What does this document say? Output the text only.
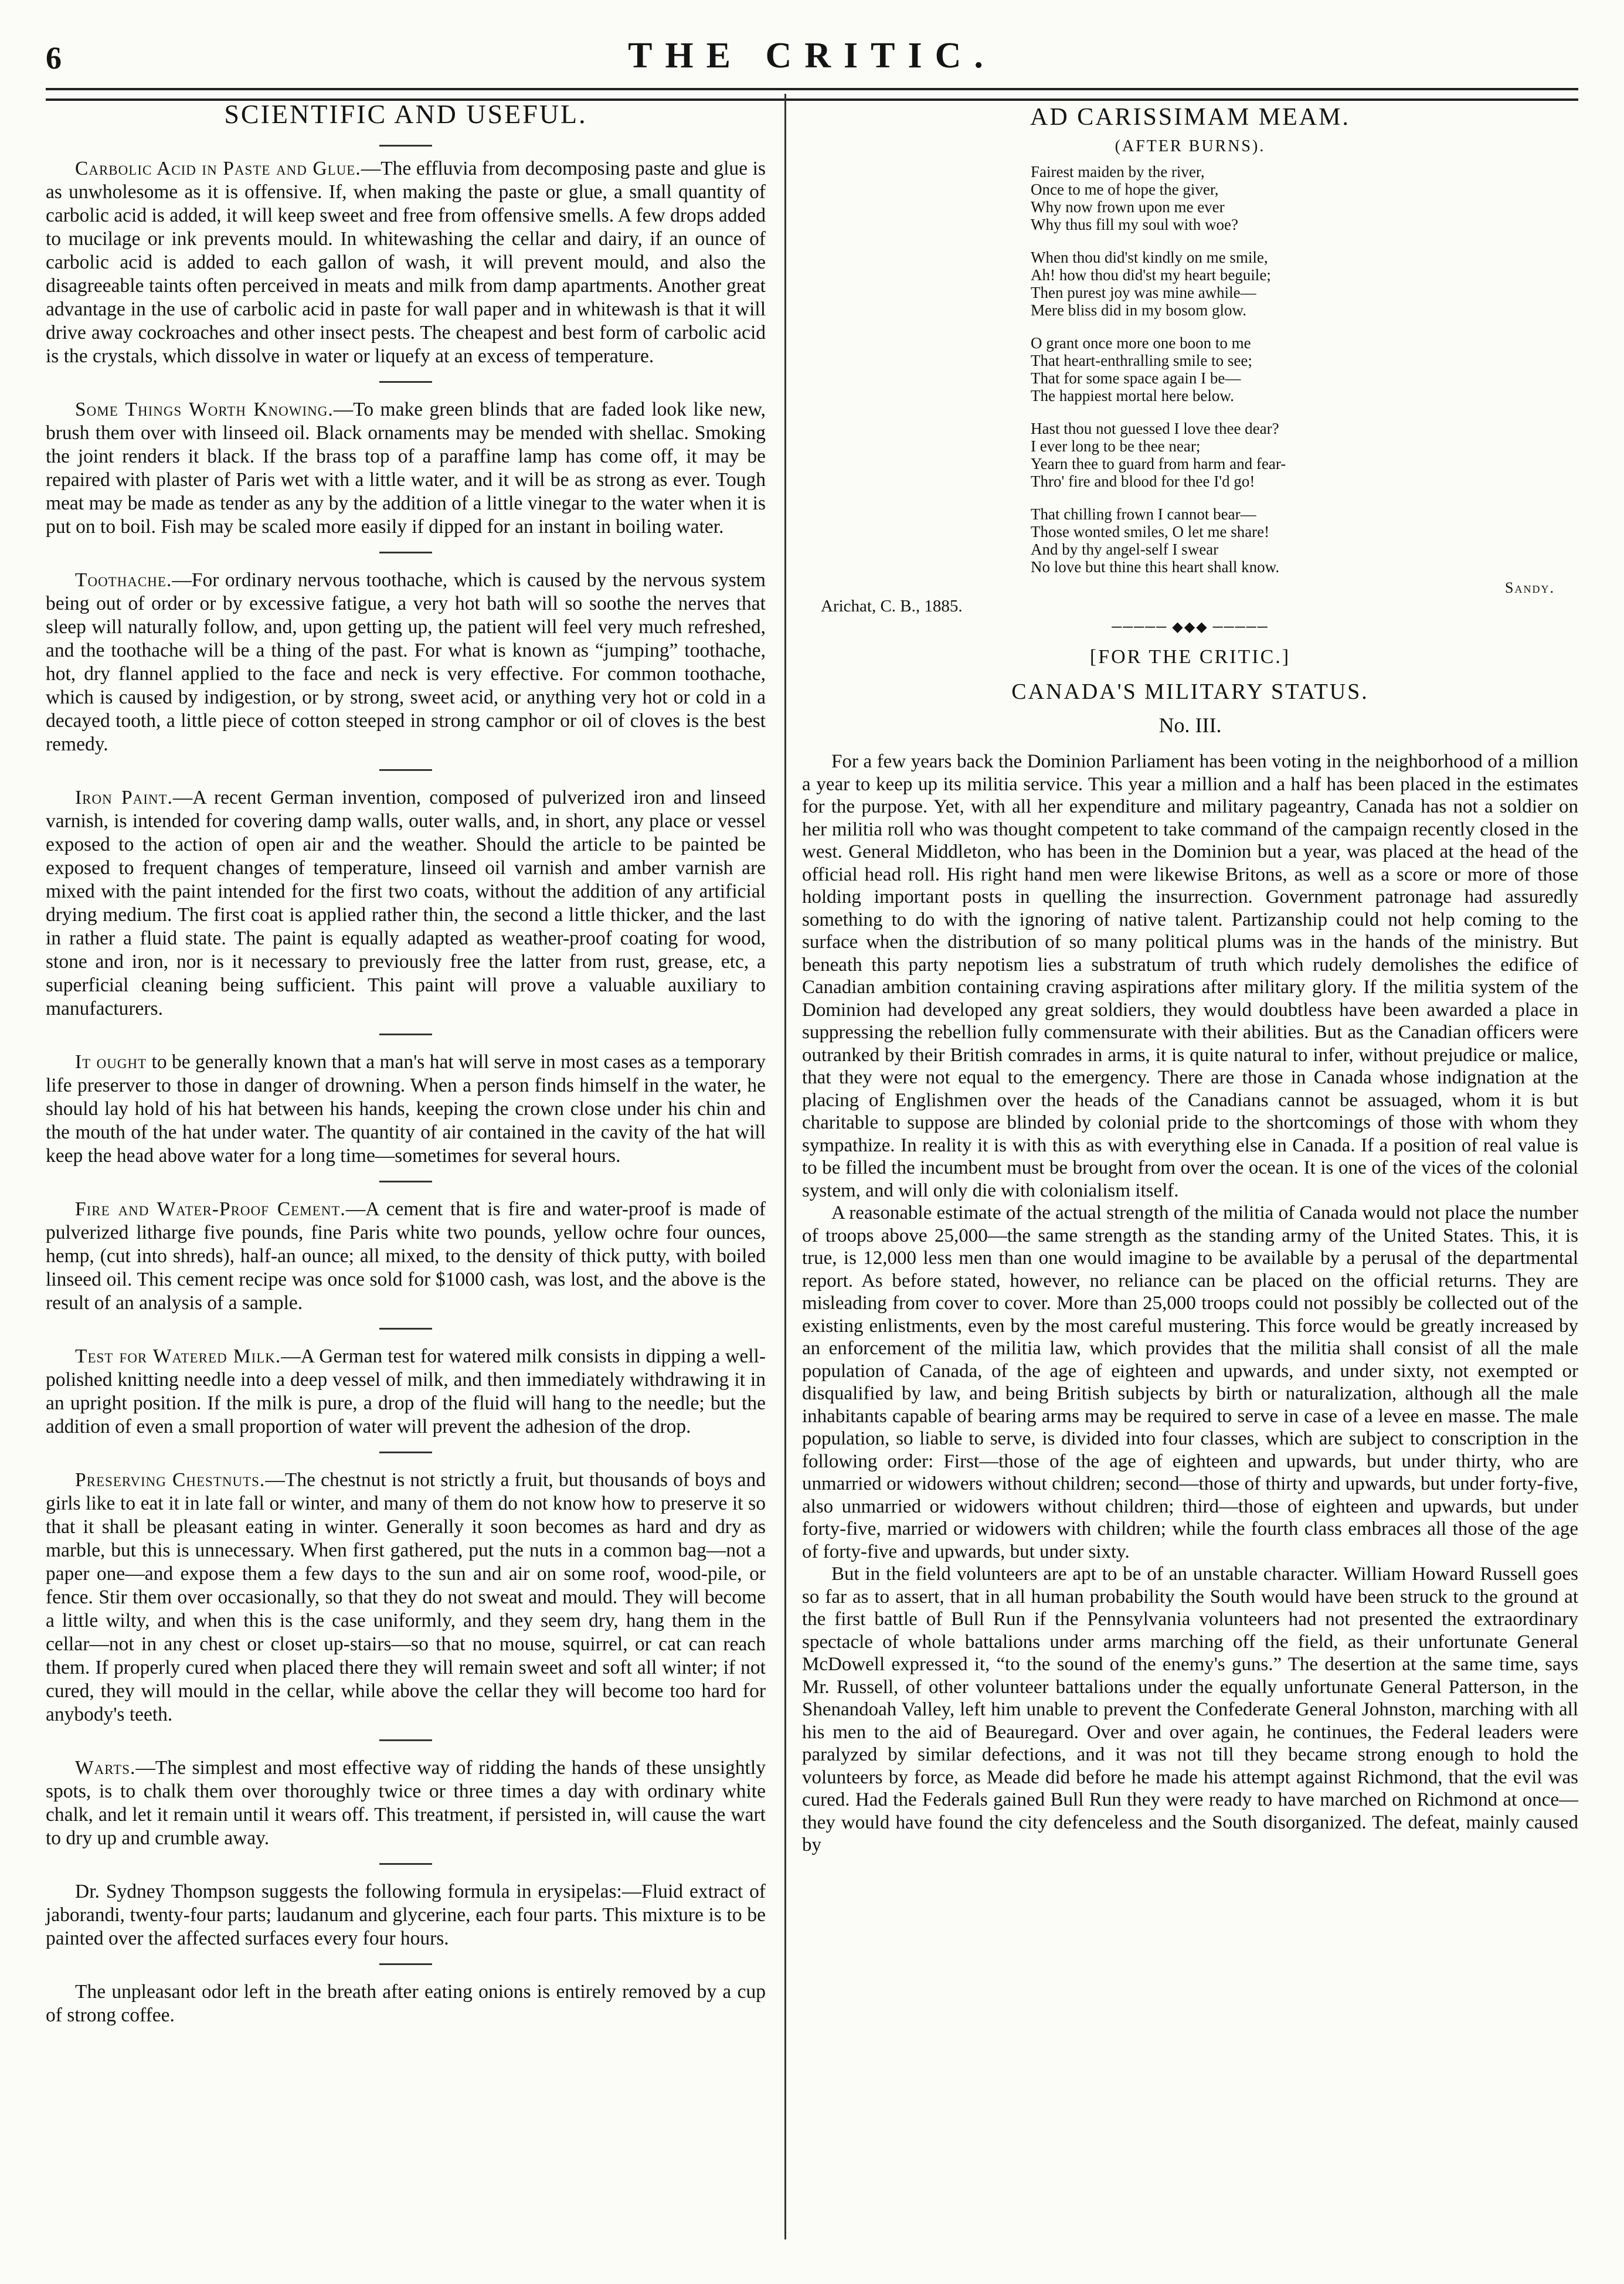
6	THE CRITIC.
SCIENTIFIC AND USEFUL.

Carbolic Acid in Paste and Glue.—The effluvia from decomposing paste and glue is as unwholesome as it is offensive. If, when making the paste or glue, a small quantity of carbolic acid is added, it will keep sweet and free from offensive smells. A few drops added to mucilage or ink prevents mould. In whitewashing the cellar and dairy, if an ounce of carbolic acid is added to each gallon of wash, it will prevent mould, and also the disagreeable taints often perceived in meats and milk from damp apartments. Another great advantage in the use of carbolic acid in paste for wall paper and in whitewash is that it will drive away cockroaches and other insect pests. The cheapest and best form of carbolic acid is the crystals, which dissolve in water or liquefy at an excess of temperature.

Some Things Worth Knowing.—To make green blinds that are faded look like new, brush them over with linseed oil. Black ornaments may be mended with shellac. Smoking the joint renders it black. If the brass top of a paraffine lamp has come off, it may be repaired with plaster of Paris wet with a little water, and it will be as strong as ever. Tough meat may be made as tender as any by the addition of a little vinegar to the water when it is put on to boil. Fish may be scaled more easily if dipped for an instant in boiling water.

Toothache.—For ordinary nervous toothache, which is caused by the nervous system being out of order or by excessive fatigue, a very hot bath will so soothe the nerves that sleep will naturally follow, and, upon getting up, the patient will feel very much refreshed, and the toothache will be a thing of the past. For what is known as “jumping” toothache, hot, dry flannel applied to the face and neck is very effective. For common toothache, which is caused by indigestion, or by strong, sweet acid, or anything very hot or cold in a decayed tooth, a little piece of cotton steeped in strong camphor or oil of cloves is the best remedy.

Iron Paint.—A recent German invention, composed of pulverized iron and linseed varnish, is intended for covering damp walls, outer walls, and, in short, any place or vessel exposed to the action of open air and the weather. Should the article to be painted be exposed to frequent changes of temperature, linseed oil varnish and amber varnish are mixed with the paint intended for the first two coats, without the addition of any artificial drying medium. The first coat is applied rather thin, the second a little thicker, and the last in rather a fluid state. The paint is equally adapted as weather-proof coating for wood, stone and iron, nor is it necessary to previously free the latter from rust, grease, etc, a superficial cleaning being sufficient. This paint will prove a valuable auxiliary to manufacturers.

It ought to be generally known that a man's hat will serve in most cases as a temporary life preserver to those in danger of drowning. When a person finds himself in the water, he should lay hold of his hat between his hands, keeping the crown close under his chin and the mouth of the hat under water. The quantity of air contained in the cavity of the hat will keep the head above water for a long time—sometimes for several hours.

Fire and Water-Proof Cement.—A cement that is fire and water-proof is made of pulverized litharge five pounds, fine Paris white two pounds, yellow ochre four ounces, hemp, (cut into shreds), half-an ounce; all mixed, to the density of thick putty, with boiled linseed oil. This cement recipe was once sold for $1000 cash, was lost, and the above is the result of an analysis of a sample.

Test for Watered Milk.—A German test for watered milk consists in dipping a well-polished knitting needle into a deep vessel of milk, and then immediately withdrawing it in an upright position. If the milk is pure, a drop of the fluid will hang to the needle; but the addition of even a small proportion of water will prevent the adhesion of the drop.

Preserving Chestnuts.—The chestnut is not strictly a fruit, but thousands of boys and girls like to eat it in late fall or winter, and many of them do not know how to preserve it so that it shall be pleasant eating in winter. Generally it soon becomes as hard and dry as marble, but this is unnecessary. When first gathered, put the nuts in a common bag—not a paper one—and expose them a few days to the sun and air on some roof, wood-pile, or fence. Stir them over occasionally, so that they do not sweat and mould. They will become a little wilty, and when this is the case uniformly, and they seem dry, hang them in the cellar—not in any chest or closet up-stairs—so that no mouse, squirrel, or cat can reach them. If properly cured when placed there they will remain sweet and soft all winter; if not cured, they will mould in the cellar, while above the cellar they will become too hard for anybody's teeth.

Warts.—The simplest and most effective way of ridding the hands of these unsightly spots, is to chalk them over thoroughly twice or three times a day with ordinary white chalk, and let it remain until it wears off. This treatment, if persisted in, will cause the wart to dry up and crumble away.

Dr. Sydney Thompson suggests the following formula in erysipelas:—Fluid extract of jaborandi, twenty-four parts; laudanum and glycerine, each four parts. This mixture is to be painted over the affected surfaces every four hours.

The unpleasant odor left in the breath after eating onions is entirely removed by a cup of strong coffee.

AD CARISSIMAM MEAM.
(AFTER BURNS).
Fairest maiden by the river,
Once to me of hope the giver,
Why now frown upon me ever
Why thus fill my soul with woe?
When thou did'st kindly on me smile,
Ah! how thou did'st my heart beguile;
Then purest joy was mine awhile—
Mere bliss did in my bosom glow.
O grant once more one boon to me
That heart-enthralling smile to see;
That for some space again I be—
The happiest mortal here below.
Hast thou not guessed I love thee dear?
I ever long to be thee near;
Yearn thee to guard from harm and fear-
Thro' fire and blood for thee I'd go!
That chilling frown I cannot bear—
Those wonted smiles, O let me share!
And by thy angel-self I swear
No love but thine this heart shall know.
Sandy.
Arichat, C. B., 1885.
───── ◆◆◆ ─────
[FOR THE CRITIC.]
CANADA'S MILITARY STATUS.
No. III.

For a few years back the Dominion Parliament has been voting in the neighborhood of a million a year to keep up its militia service. This year a million and a half has been placed in the estimates for the purpose. Yet, with all her expenditure and military pageantry, Canada has not a soldier on her militia roll who was thought competent to take command of the campaign recently closed in the west. General Middleton, who has been in the Dominion but a year, was placed at the head of the official head roll. His right hand men were likewise Britons, as well as a score or more of those holding important posts in quelling the insurrection. Government patronage had assuredly something to do with the ignoring of native talent. Partizanship could not help coming to the surface when the distribution of so many political plums was in the hands of the ministry. But beneath this party nepotism lies a substratum of truth which rudely demolishes the edifice of Canadian ambition containing craving aspirations after military glory. If the militia system of the Dominion had developed any great soldiers, they would doubtless have been awarded a place in suppressing the rebellion fully commensurate with their abilities. But as the Canadian officers were outranked by their British comrades in arms, it is quite natural to infer, without prejudice or malice, that they were not equal to the emergency. There are those in Canada whose indignation at the placing of Englishmen over the heads of the Canadians cannot be assuaged, whom it is but charitable to suppose are blinded by colonial pride to the shortcomings of those with whom they sympathize. In reality it is with this as with everything else in Canada. If a position of real value is to be filled the incumbent must be brought from over the ocean. It is one of the vices of the colonial system, and will only die with colonialism itself.

A reasonable estimate of the actual strength of the militia of Canada would not place the number of troops above 25,000—the same strength as the standing army of the United States. This, it is true, is 12,000 less men than one would imagine to be available by a perusal of the departmental report. As before stated, however, no reliance can be placed on the official returns. They are misleading from cover to cover. More than 25,000 troops could not possibly be collected out of the existing enlistments, even by the most careful mustering. This force would be greatly increased by an enforcement of the militia law, which provides that the militia shall consist of all the male population of Canada, of the age of eighteen and upwards, and under sixty, not exempted or disqualified by law, and being British subjects by birth or naturalization, although all the male inhabitants capable of bearing arms may be required to serve in case of a levee en masse. The male population, so liable to serve, is divided into four classes, which are subject to conscription in the following order: First—those of the age of eighteen and upwards, but under thirty, who are unmarried or widowers without children; second—those of thirty and upwards, but under forty-five, also unmarried or widowers without children; third—those of eighteen and upwards, but under forty-five, married or widowers with children; while the fourth class embraces all those of the age of forty-five and upwards, but under sixty.

But in the field volunteers are apt to be of an unstable character. William Howard Russell goes so far as to assert, that in all human probability the South would have been struck to the ground at the first battle of Bull Run if the Pennsylvania volunteers had not presented the extraordinary spectacle of whole battalions under arms marching off the field, as their unfortunate General McDowell expressed it, “to the sound of the enemy's guns.” The desertion at the same time, says Mr. Russell, of other volunteer battalions under the equally unfortunate General Patterson, in the Shenandoah Valley, left him unable to prevent the Confederate General Johnston, marching with all his men to the aid of Beauregard. Over and over again, he continues, the Federal leaders were paralyzed by similar defections, and it was not till they became strong enough to hold the volunteers by force, as Meade did before he made his attempt against Richmond, that the evil was cured. Had the Federals gained Bull Run they were ready to have marched on Richmond at once—they would have found the city defenceless and the South disorganized. The defeat, mainly caused by
